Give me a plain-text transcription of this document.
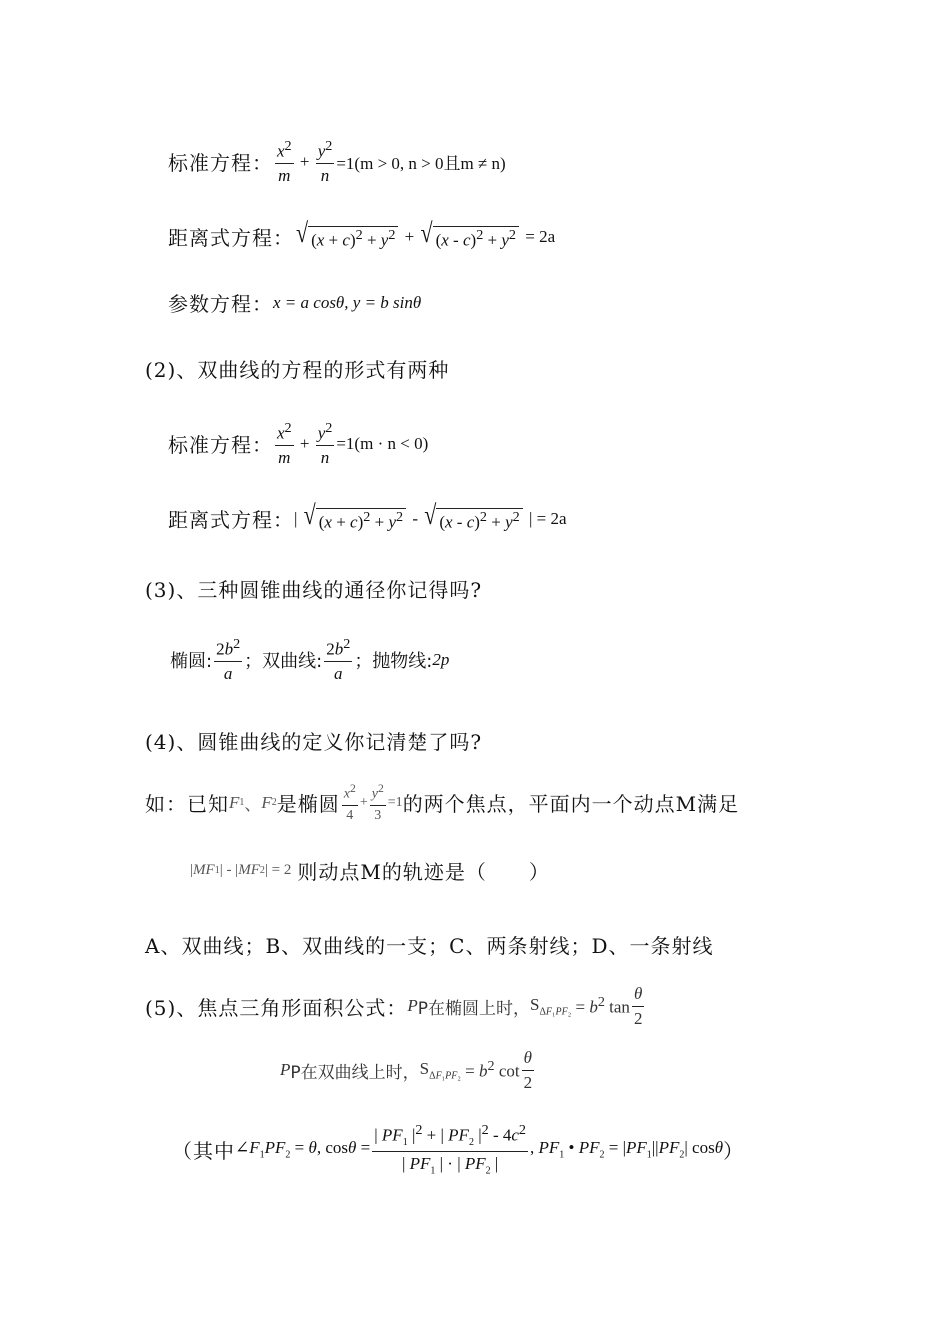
标准方程： $\frac{x^2}{m} + \frac{y^2}{n} =1(m > 0$, n > 0且m ≠ n)
距离式方程： √ $(x + c)^2 + y^2$ + √ $(x - c)^2 + y^2$
= 2a
参数方程： x = a cosθ, y = b sinθ
(2)、双曲线的方程的形式有两种
标准方程： $\frac{x^2}{m} + \frac{y^2}{n} =1(m \cdot n < 0)$
距离式方程： | √ $(x + c)^2 + y^2$ - √ $(x - c)^2 + y^2$
| = 2a
(3)、三种圆锥曲线的通径你记得吗?
椭圆: $\frac{2b^2}{a}$ ；双曲线: $\frac{2b^2}{a}$ ；抛物线: 2p
(4)、圆锥曲线的定义你记清楚了吗?
如：已知 F 1 、 F 2 是椭圆 $\frac{x^2}{4} + \frac{y^2}{3} =1$ 的两个焦点，平面内一个动点M满足
| MF 1 | - | MF 2 | = 2 则动点M的轨迹是（　　）
A、双曲线；B、双曲线的一支；C、两条射线；D、一条射线
(5)、焦点三角形面积公式： P P在椭圆上时， $S_{\Delta F_1PF_2} = b^2$ $\tan \frac{\theta}{2}$
P P在双曲线上时， $S_{\Delta F_1PF_2} = b^2$ $\cot \frac{\theta}{2}$
（其中 $\angle F_1PF_2 = \theta$, $\cos\theta = \frac{| PF_1 |^2 + | PF_2 |^2 - 4c^2}{| PF_1 | \cdot | PF_2 |}$ , $PF_1$ • $PF_2 = |PF_1||PF_2|$ cosθ ）
